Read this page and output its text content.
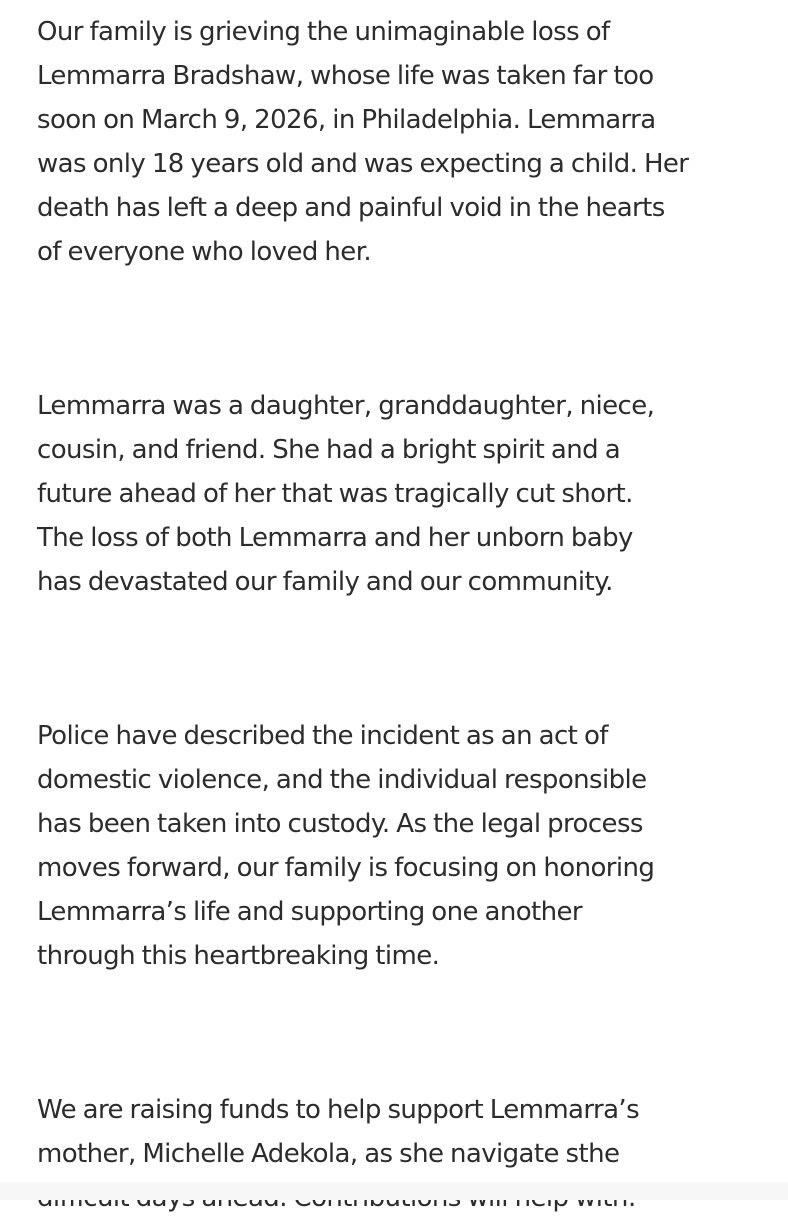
Our family is grieving the unimaginable loss of
Lemmarra Bradshaw, whose life was taken far too
soon on March 9, 2026, in Philadelphia. Lemmarra
was only 18 years old and was expecting a child. Her
death has left a deep and painful void in the hearts
of everyone who loved her.

Lemmarra was a daughter, granddaughter, niece,
cousin, and friend. She had a bright spirit and a
future ahead of her that was tragically cut short.
The loss of both Lemmarra and her unborn baby
has devastated our family and our community.

Police have described the incident as an act of
domestic violence, and the individual responsible
has been taken into custody. As the legal process
moves forward, our family is focusing on honoring
Lemmarra’s life and supporting one another
through this heartbreaking time.

We are raising funds to help support Lemmarra’s
mother, Michelle Adekola, as she navigate sthe
